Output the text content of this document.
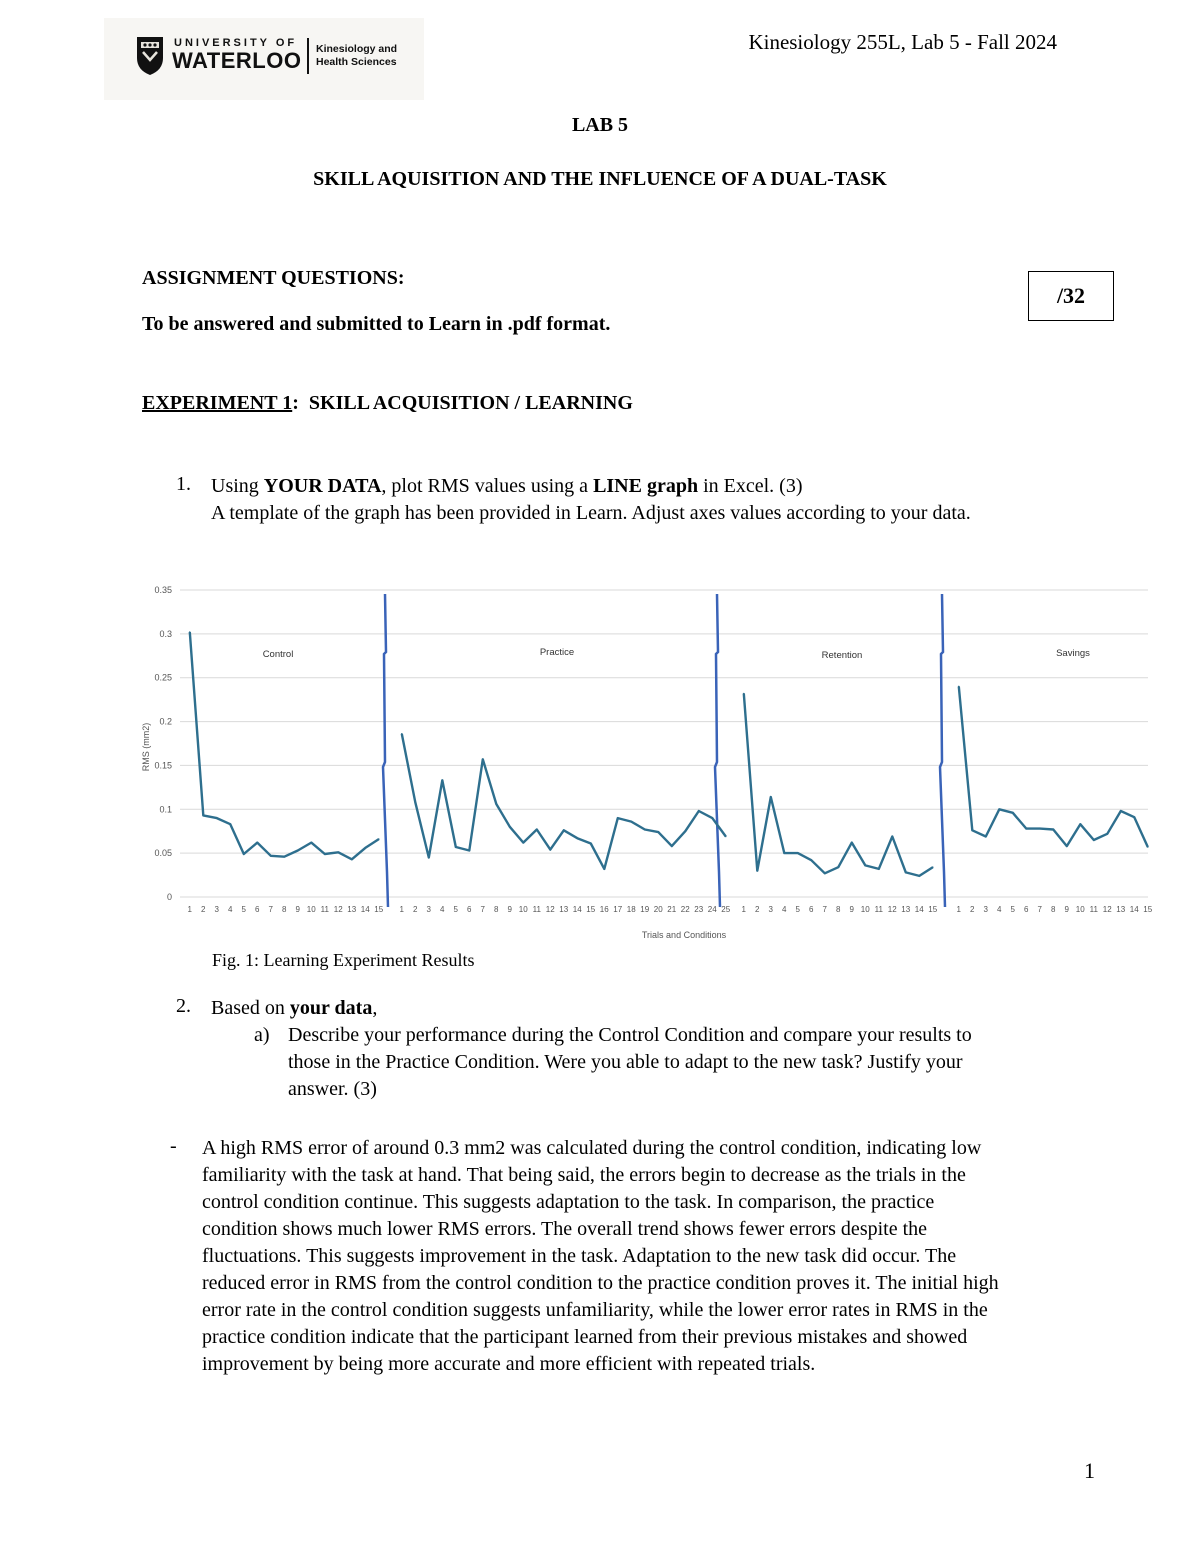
UNIVERSITY OF
WATERLOO Kinesiology and
Health Sciences
Kinesiology 255L, Lab 5 - Fall 2024
LAB 5
SKILL AQUISITION AND THE INFLUENCE OF A DUAL-TASK
ASSIGNMENT QUESTIONS:
To be answered and submitted to Learn in .pdf format.
/32
EXPERIMENT 1: SKILL ACQUISITION / LEARNING
1. Using YOUR DATA, plot RMS values using a LINE graph in Excel. (3)
A template of the graph has been provided in Learn. Adjust axes values according to your data.
0
0.05
0.1
0.15
0.2
0.25
0.3
0.35
1 2 3 4 5 6 7 8 9 10 11 12 13 14 15 1 2 3 4 5 6 7 8 9 10 11 12 13 14 15 16 17 18 19 20 21 22 23 24 25 1 2 3 4 5 6 7 8 9 10 11 12 13 14 15 1 2 3 4 5 6 7 8 9 10 11 12 13 14 15
Control	Practice	Retention	Savings
RMS (mm2)
Trials and Conditions
Fig. 1: Learning Experiment Results
2. Based on your data,
a) Describe your performance during the Control Condition and compare your results to those in the Practice Condition. Were you able to adapt to the new task? Justify your answer. (3)
- A high RMS error of around 0.3 mm2 was calculated during the control condition, indicating low familiarity with the task at hand. That being said, the errors begin to decrease as the trials in the control condition continue. This suggests adaptation to the task. In comparison, the practice condition shows much lower RMS errors. The overall trend shows fewer errors despite the fluctuations. This suggests improvement in the task. Adaptation to the new task did occur. The reduced error in RMS from the control condition to the practice condition proves it. The initial high error rate in the control condition suggests unfamiliarity, while the lower error rates in RMS in the practice condition indicate that the participant learned from their previous mistakes and showed improvement by being more accurate and more efficient with repeated trials.
1
